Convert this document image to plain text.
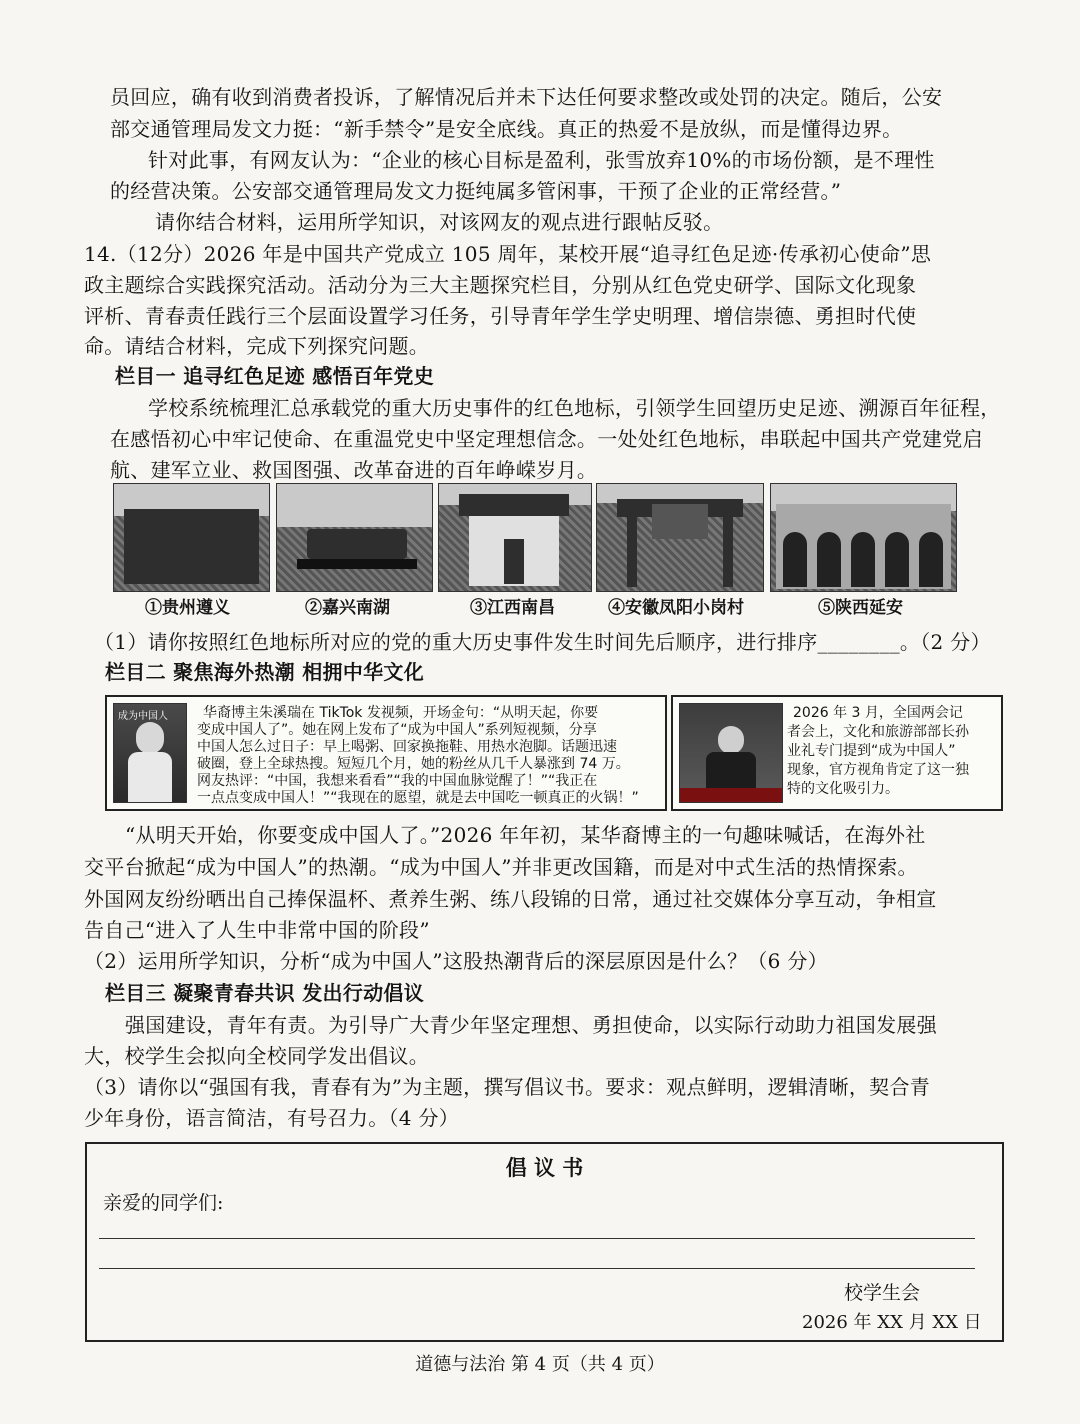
员回应，确有收到消费者投诉，了解情况后并未下达任何要求整改或处罚的决定。随后，公安
部交通管理局发文力挺：“新手禁令”是安全底线。真正的热爱不是放纵，而是懂得边界。
针对此事，有网友认为：“企业的核心目标是盈利，张雪放弃10%的市场份额，是不理性
的经营决策。公安部交通管理局发文力挺纯属多管闲事，干预了企业的正常经营。”
请你结合材料，运用所学知识，对该网友的观点进行跟帖反驳。
14.（12分）2026 年是中国共产党成立 105 周年，某校开展“追寻红色足迹·传承初心使命”思
政主题综合实践探究活动。活动分为三大主题探究栏目，分别从红色党史研学、国际文化现象
评析、青春责任践行三个层面设置学习任务，引导青年学生学史明理、增信崇德、勇担时代使
命。请结合材料，完成下列探究问题。
栏目一 追寻红色足迹 感悟百年党史
学校系统梳理汇总承载党的重大历史事件的红色地标，引领学生回望历史足迹、溯源百年征程，
在感悟初心中牢记使命、在重温党史中坚定理想信念。一处处红色地标，串联起中国共产党建党启
航、建军立业、救国图强、改革奋进的百年峥嵘岁月。
①贵州遵义	②嘉兴南湖	③江西南昌	④安徽凤阳小岗村	⑤陕西延安
（1）请你按照红色地标所对应的党的重大历史事件发生时间先后顺序，进行排序________。（2 分）
栏目二 聚焦海外热潮 相拥中华文化
成为中国人	华裔博主朱溪瑞在 TikTok 发视频，开场金句：“从明天起，你要
变成中国人了”。她在网上发布了“成为中国人”系列短视频，分享
中国人怎么过日子：早上喝粥、回家换拖鞋、用热水泡脚。话题迅速
破圈，登上全球热搜。短短几个月，她的粉丝从几千人暴涨到 74 万。
网友热评：“中国，我想来看看”“我的中国血脉觉醒了！”“我正在
一点点变成中国人！”“我现在的愿望，就是去中国吃一顿真正的火锅！”
2026 年 3 月，全国两会记
者会上，文化和旅游部部长孙
业礼专门提到“成为中国人”
现象，官方视角肯定了这一独
特的文化吸引力。
“从明天开始，你要变成中国人了。”2026 年年初，某华裔博主的一句趣味喊话，在海外社
交平台掀起“成为中国人”的热潮。“成为中国人”并非更改国籍，而是对中式生活的热情探索。
外国网友纷纷晒出自己捧保温杯、煮养生粥、练八段锦的日常，通过社交媒体分享互动，争相宣
告自己“进入了人生中非常中国的阶段”
（2）运用所学知识，分析“成为中国人”这股热潮背后的深层原因是什么？（6 分）
栏目三 凝聚青春共识 发出行动倡议
强国建设，青年有责。为引导广大青少年坚定理想、勇担使命，以实际行动助力祖国发展强
大，校学生会拟向全校同学发出倡议。
（3）请你以“强国有我，青春有为”为主题，撰写倡议书。要求：观点鲜明，逻辑清晰，契合青
少年身份，语言简洁，有号召力。（4 分）
倡 议 书
亲爱的同学们:
校学生会
2026 年 XX 月 XX 日
道德与法治 第 4 页（共 4 页）
